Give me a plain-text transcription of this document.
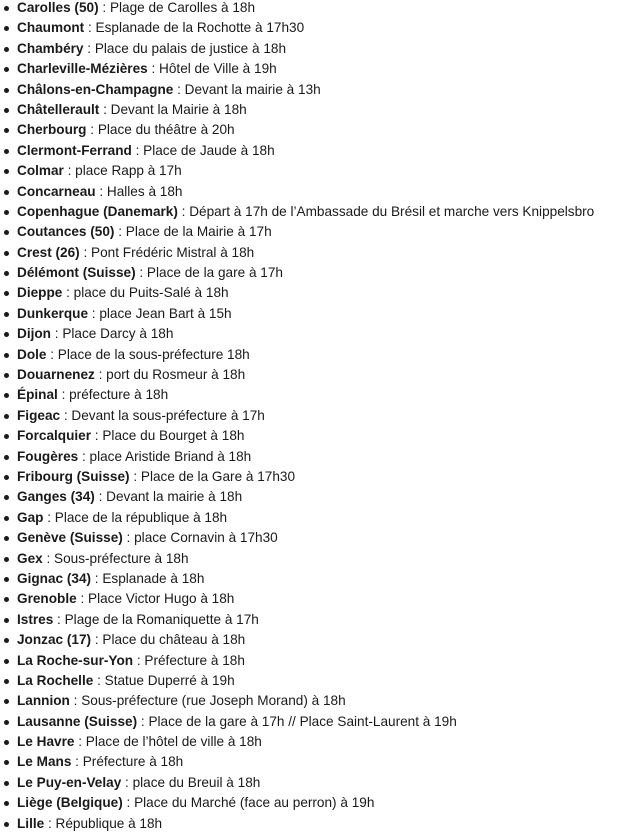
Carolles (50) : Plage de Carolles à 18h
Chaumont : Esplanade de la Rochotte à 17h30
Chambéry : Place du palais de justice à 18h
Charleville-Mézières : Hôtel de Ville à 19h
Châlons-en-Champagne : Devant la mairie à 13h
Châtellerault : Devant la Mairie à 18h
Cherbourg : Place du théâtre à 20h
Clermont-Ferrand : Place de Jaude à 18h
Colmar : place Rapp à 17h
Concarneau : Halles à 18h
Copenhague (Danemark) : Départ à 17h de l’Ambassade du Brésil et marche vers Knippelsbro
Coutances (50) : Place de la Mairie à 17h
Crest (26) : Pont Frédéric Mistral à 18h
Délémont (Suisse) : Place de la gare à 17h
Dieppe : place du Puits-Salé à 18h
Dunkerque : place Jean Bart à 15h
Dijon : Place Darcy à 18h
Dole : Place de la sous-préfecture 18h
Douarnenez : port du Rosmeur à 18h
Épinal : préfecture à 18h
Figeac : Devant la sous-préfecture à 17h
Forcalquier : Place du Bourget à 18h
Fougères : place Aristide Briand à 18h
Fribourg (Suisse) : Place de la Gare à 17h30
Ganges (34) : Devant la mairie à 18h
Gap : Place de la république à 18h
Genève (Suisse) : place Cornavin à 17h30
Gex : Sous-préfecture à 18h
Gignac (34) : Esplanade à 18h
Grenoble : Place Victor Hugo à 18h
Istres : Plage de la Romaniquette à 17h
Jonzac (17) : Place du château à 18h
La Roche-sur-Yon : Préfecture à 18h
La Rochelle : Statue Duperré à 19h
Lannion : Sous-préfecture (rue Joseph Morand) à 18h
Lausanne (Suisse) : Place de la gare à 17h // Place Saint-Laurent à 19h
Le Havre : Place de l’hôtel de ville à 18h
Le Mans : Préfecture à 18h
Le Puy-en-Velay : place du Breuil à 18h
Liège (Belgique) : Place du Marché (face au perron) à 19h
Lille : République à 18h
